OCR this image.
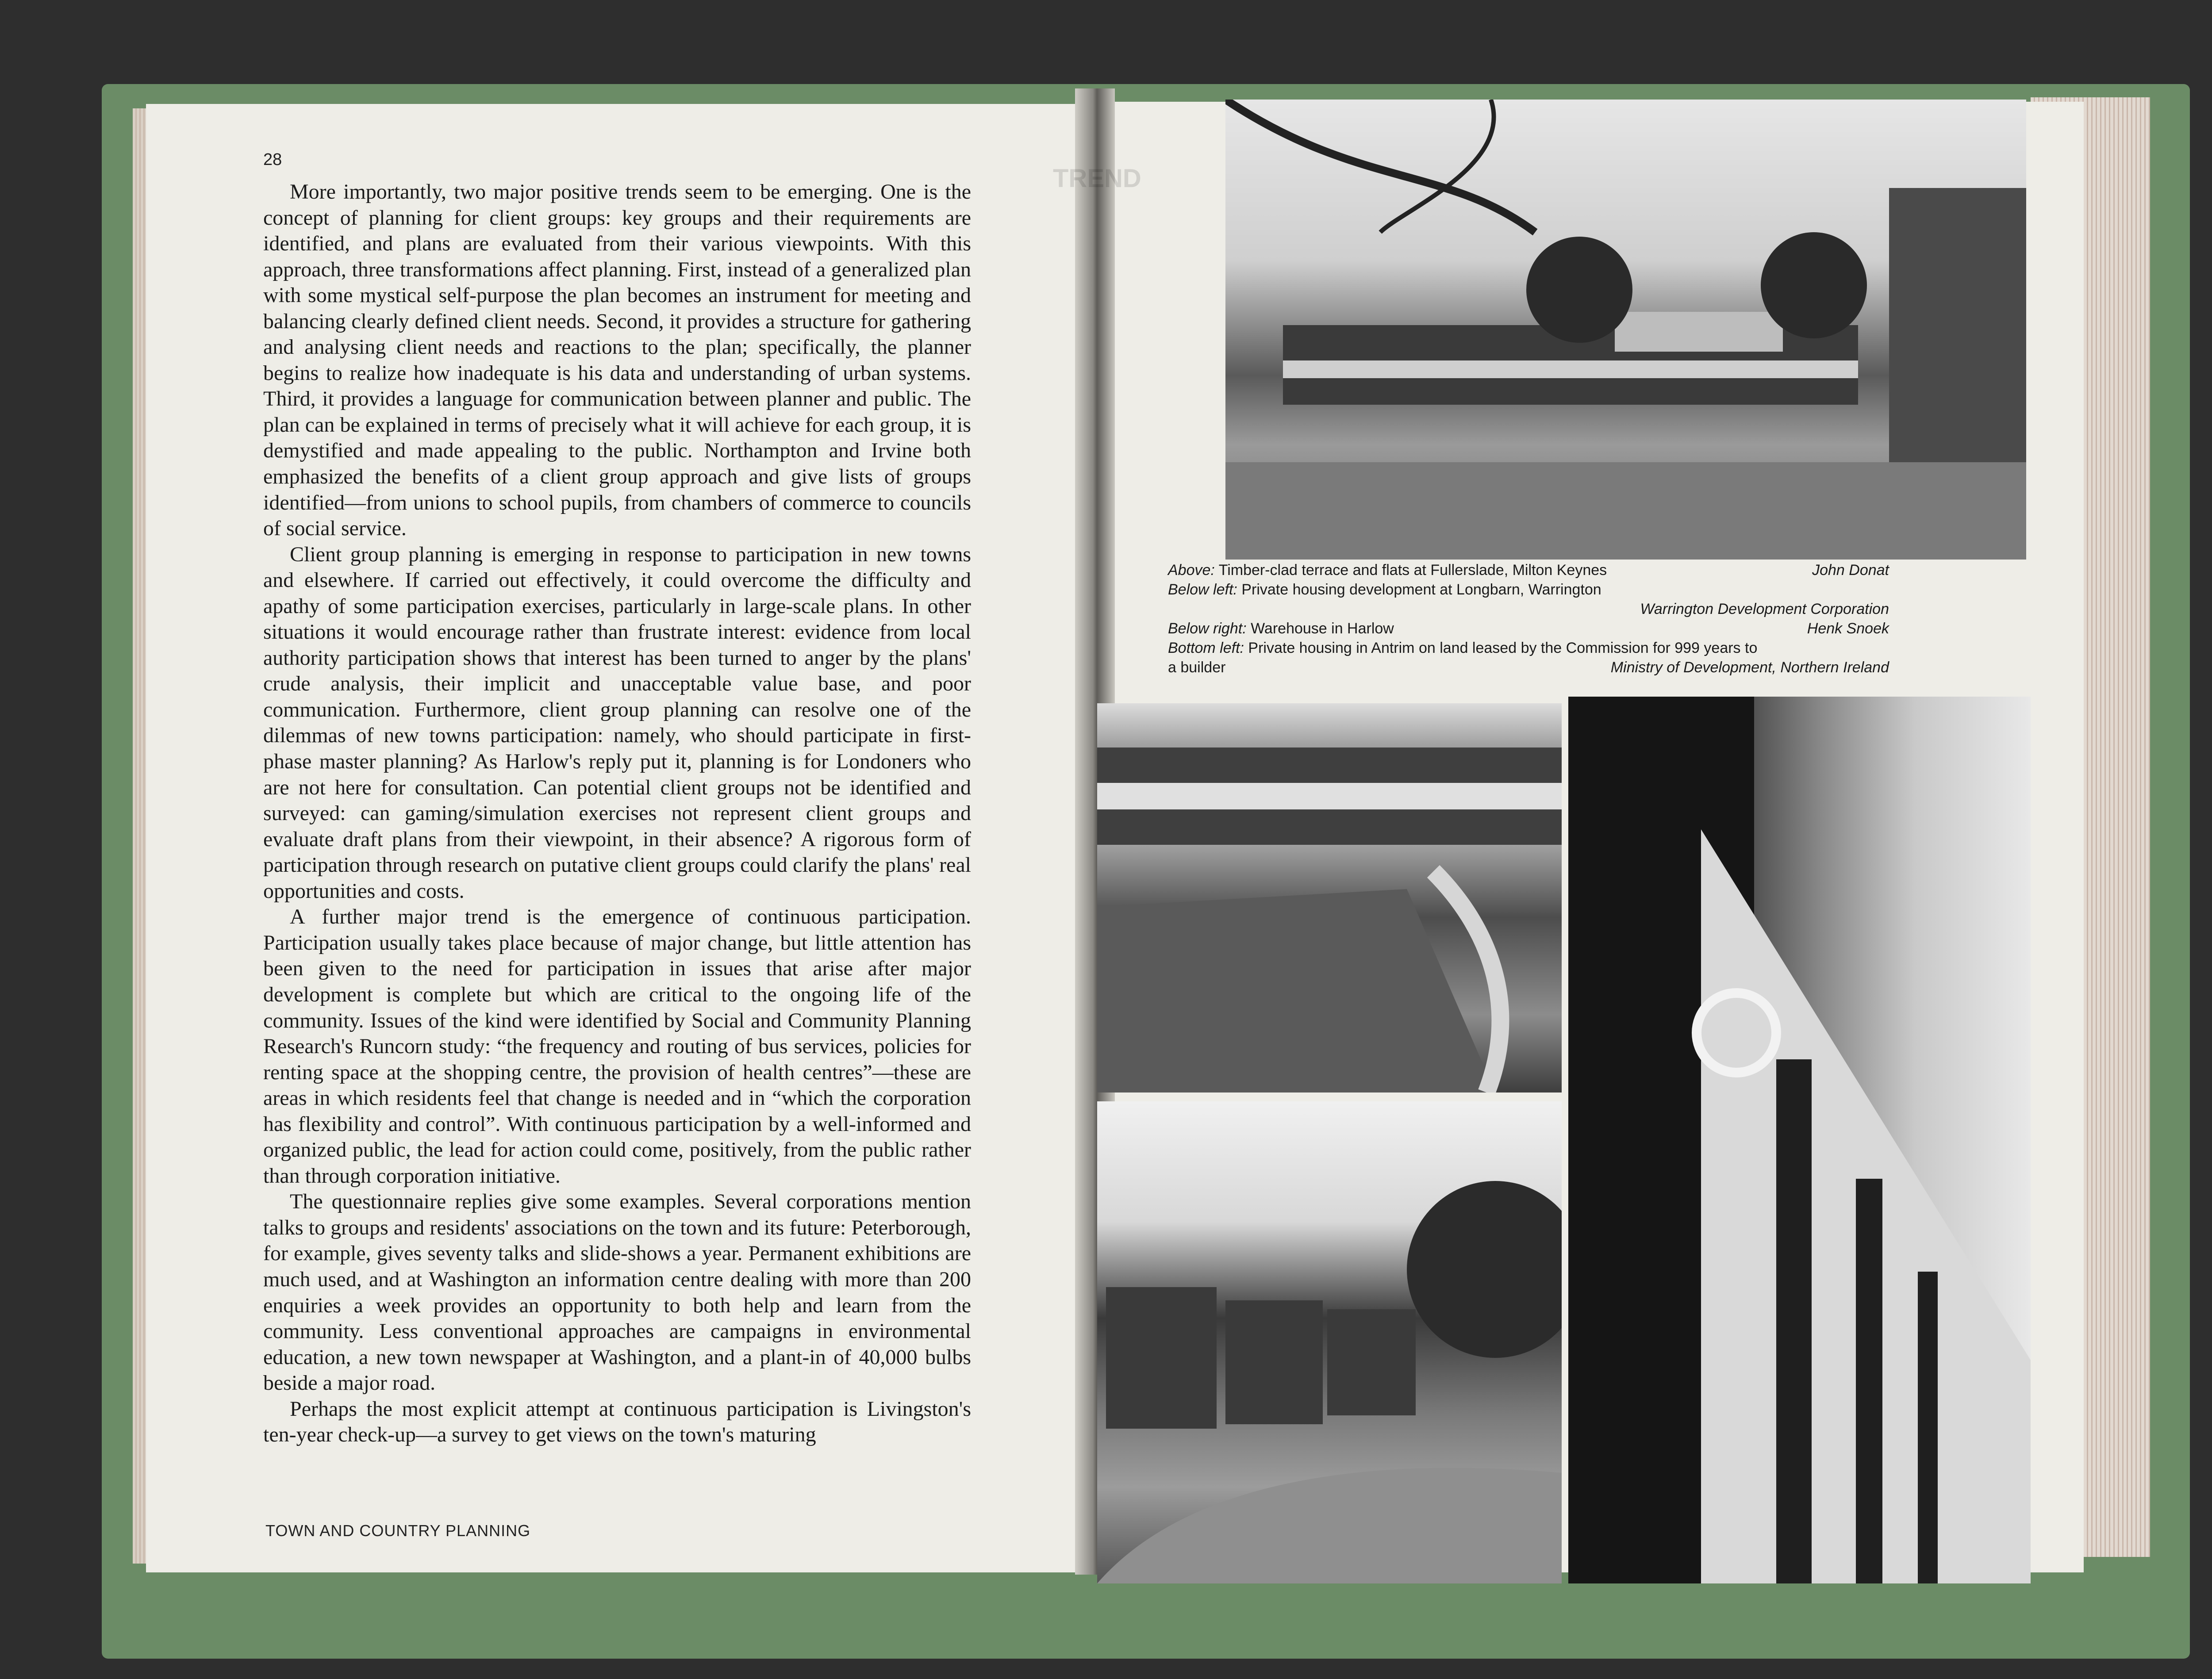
28

More importantly, two major positive trends seem to be emerging. One is the concept of planning for client groups: key groups and their requirements are identified, and plans are evaluated from their various viewpoints. With this approach, three transformations affect planning. First, instead of a generalized plan with some mystical self-purpose the plan becomes an instrument for meeting and balancing clearly defined client needs. Second, it provides a structure for gathering and analysing client needs and reactions to the plan; specifically, the planner begins to realize how inadequate is his data and understanding of urban systems. Third, it provides a language for communication between planner and public. The plan can be explained in terms of precisely what it will achieve for each group, it is demystified and made appealing to the public. Northampton and Irvine both emphasized the benefits of a client group approach and give lists of groups identified—from unions to school pupils, from chambers of commerce to councils of social service.

Client group planning is emerging in response to participation in new towns and elsewhere. If carried out effectively, it could overcome the difficulty and apathy of some participation exercises, particularly in large-scale plans. In other situations it would encourage rather than frustrate interest: evidence from local authority participation shows that interest has been turned to anger by the plans' crude analysis, their implicit and unacceptable value base, and poor communication. Furthermore, client group planning can resolve one of the dilemmas of new towns participation: namely, who should participate in first-phase master planning? As Harlow's reply put it, planning is for Londoners who are not here for consultation. Can potential client groups not be identified and surveyed: can gaming/simulation exercises not represent client groups and evaluate draft plans from their viewpoint, in their absence? A rigorous form of participation through research on putative client groups could clarify the plans' real opportunities and costs.

A further major trend is the emergence of continuous participation. Participation usually takes place because of major change, but little attention has been given to the need for participation in issues that arise after major development is complete but which are critical to the ongoing life of the community. Issues of the kind were identified by Social and Community Planning Research's Runcorn study: “the frequency and routing of bus services, policies for renting space at the shopping centre, the provision of health centres”—these are areas in which residents feel that change is needed and in “which the corporation has flexibility and control”. With continuous participation by a well-informed and organized public, the lead for action could come, positively, from the public rather than through corporation initiative.

The questionnaire replies give some examples. Several corporations mention talks to groups and residents' associations on the town and its future: Peterborough, for example, gives seventy talks and slide-shows a year. Permanent exhibitions are much used, and at Washington an information centre dealing with more than 200 enquiries a week provides an opportunity to both help and learn from the community. Less conventional approaches are campaigns in environmental education, a new town newspaper at Washington, and a plant-in of 40,000 bulbs beside a major road.

Perhaps the most explicit attempt at continuous participation is Livingston's ten-year check-up—a survey to get views on the town's maturing

TOWN AND COUNTRY PLANNING
Above: Timber-clad terrace and flats at Fullerslade, Milton Keynes	John Donat
Below left: Private housing development at Longbarn, Warrington
Warrington Development Corporation
Below right: Warehouse in Harlow	Henk Snoek
Bottom left: Private housing in Antrim on land leased by the Commission for 999 years to
a builder	Ministry of Development, Northern Ireland
TREND
